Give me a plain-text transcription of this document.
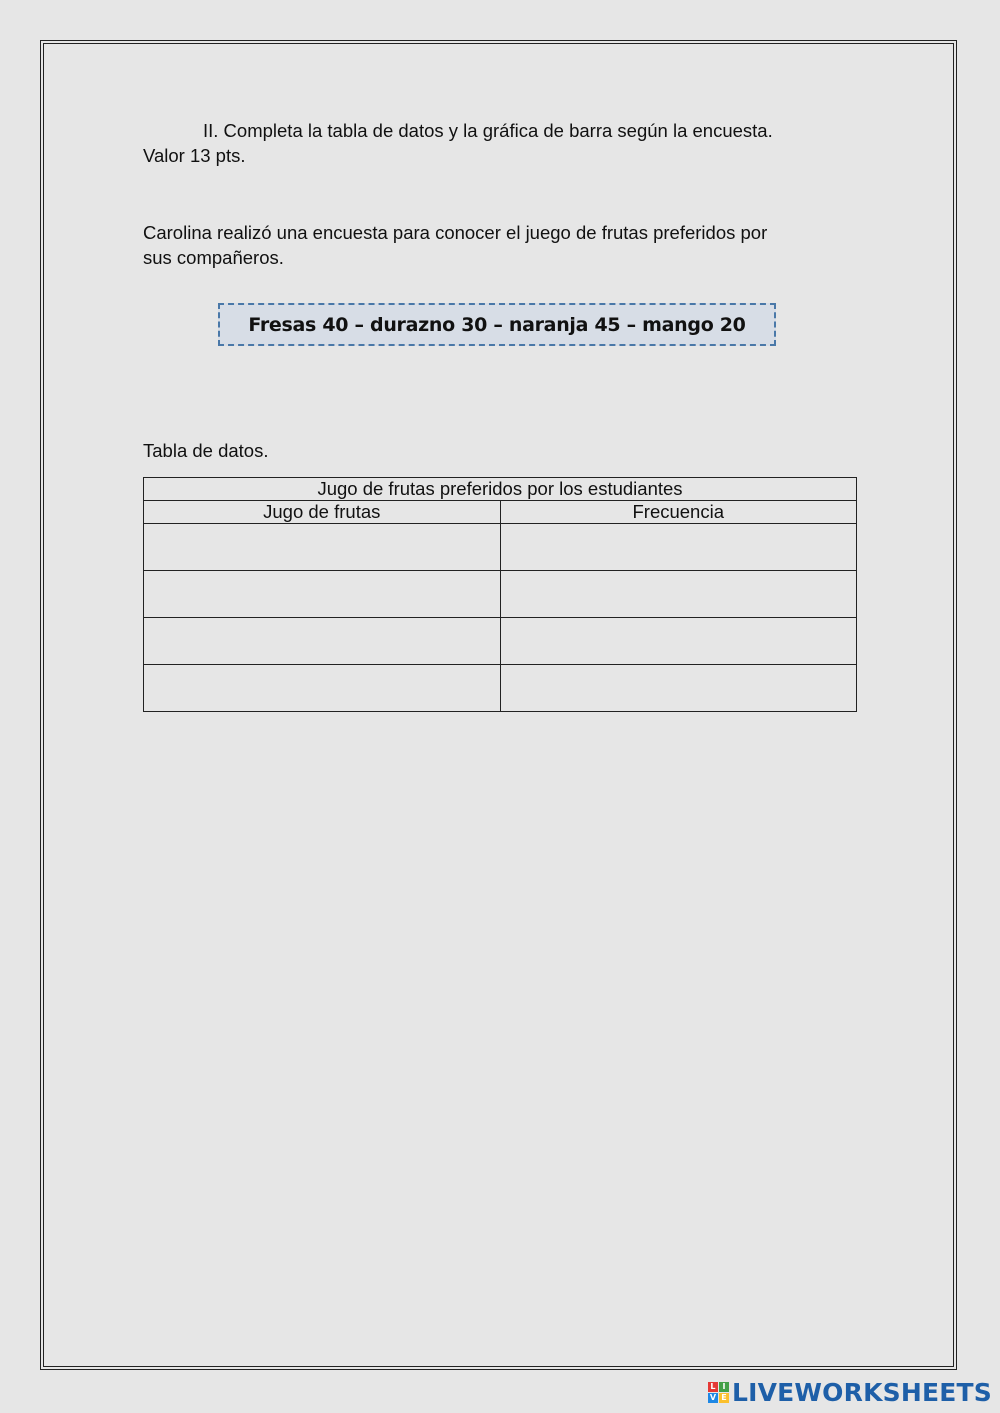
II. Completa la tabla de datos y la gráfica de barra según la encuesta.
Valor 13 pts.
Carolina realizó una encuesta para conocer el juego de frutas preferidos por
sus compañeros.
Fresas 40 – durazno 30 – naranja 45 – mango 20
Tabla de datos.
Jugo de frutas preferidos por los estudiantes	
Jugo de frutas	Frecuencia

L I
V E LIVEWORKSHEETS
